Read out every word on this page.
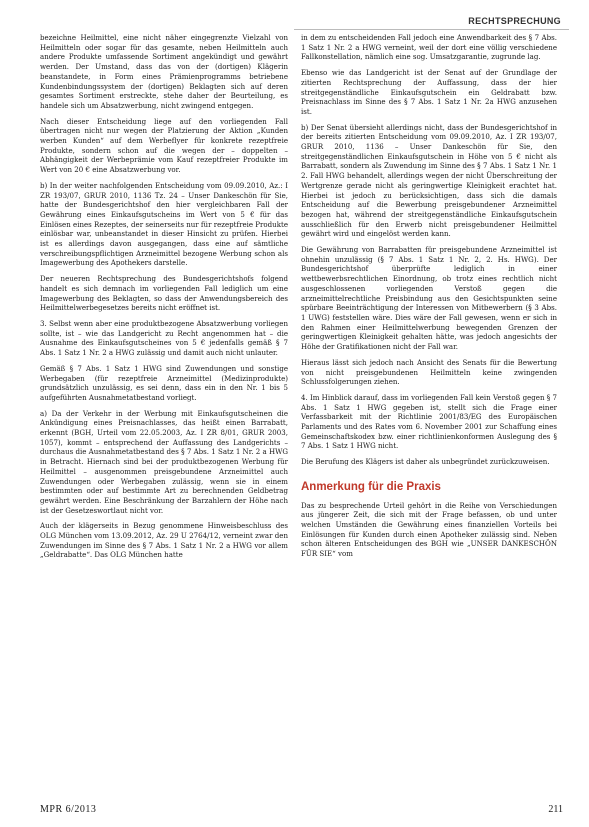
RECHTSPRECHUNG

bezeichne Heilmittel, eine nicht näher eingegrenzte Vielzahl von Heilmitteln oder sogar für das gesamte, neben Heilmitteln auch andere Produkte umfassende Sortiment angekündigt und gewährt werden. Der Umstand, dass das von der (dortigen) Klägerin beanstandete, in Form eines Prämienprogramms betriebene Kundenbindungssystem der (dortigen) Beklagten sich auf deren gesamtes Sortiment erstreckte, stehe daher der Beurteilung, es handele sich um Absatzwerbung, nicht zwingend entgegen.

Nach dieser Entscheidung liege auf den vorliegenden Fall übertragen nicht nur wegen der Platzierung der Aktion „Kunden werben Kunden“ auf dem Werbeflyer für konkrete rezeptfreie Produkte, sondern schon auf die wegen der – doppelten – Abhängigkeit der Werbeprämie vom Kauf rezeptfreier Produkte im Wert von 20 € eine Absatzwerbung vor.

b) In der weiter nachfolgenden Entscheidung vom 09.09.2010, Az.: I ZR 193/07, GRUR 2010, 1136 Tz. 24 – Unser Dankeschön für Sie, hatte der Bundesgerichtshof den hier vergleichbaren Fall der Gewährung eines Einkaufsgutscheins im Wert von 5 € für das Einlösen eines Rezeptes, der seinerseits nur für rezeptfreie Produkte einlösbar war, unbeanstandet in dieser Hinsicht zu prüfen. Hierbei ist es allerdings davon ausgegangen, dass eine auf sämtliche verschreibungspflichtigen Arzneimittel bezogene Werbung schon als Imagewerbung des Apothekers darstelle.

Der neueren Rechtsprechung des Bundesgerichtshofs folgend handelt es sich demnach im vorliegenden Fall lediglich um eine Imagewerbung des Beklagten, so dass der Anwendungsbereich des Heilmittelwerbegesetzes bereits nicht eröffnet ist.

3. Selbst wenn aber eine produktbezogene Absatzwerbung vorliegen sollte, ist – wie das Landgericht zu Recht angenommen hat – die Ausnahme des Einkaufsgutscheines von 5 € jedenfalls gemäß § 7 Abs. 1 Satz 1 Nr. 2 a HWG zulässig und damit auch nicht unlauter.

Gemäß § 7 Abs. 1 Satz 1 HWG sind Zuwendungen und sonstige Werbegaben (für rezeptfreie Arzneimittel (Medizinprodukte) grundsätzlich unzulässig, es sei denn, dass ein in den Nr. 1 bis 5 aufgeführten Ausnahmetatbestand vorliegt.

a) Da der Verkehr in der Werbung mit Einkaufsgutscheinen die Ankündigung eines Preisnachlasses, das heißt einen Barrabatt, erkennt (BGH, Urteil vom 22.05.2003, Az. I ZR 8/01, GRUR 2003, 1057), kommt – entsprechend der Auffassung des Landgerichts – durchaus die Ausnahmetatbestand des § 7 Abs. 1 Satz 1 Nr. 2 a HWG in Betracht. Hiernach sind bei der produktbezogenen Werbung für Heilmittel – ausgenommen preisgebundene Arzneimittel auch Zuwendungen oder Werbegaben zulässig, wenn sie in einem bestimmten oder auf bestimmte Art zu berechnenden Geldbetrag gewährt werden. Eine Beschränkung der Barzahlern der Höhe nach ist der Gesetzeswortlaut nicht vor.

Auch der klägerseits in Bezug genommene Hinweisbeschluss des OLG München vom 13.09.2012, Az. 29 U 2764/12, verneint zwar den Zuwendungen im Sinne des § 7 Abs. 1 Satz 1 Nr. 2 a HWG vor allem „Geldrabatte“. Das OLG München hatte

in dem zu entscheidenden Fall jedoch eine Anwendbarkeit des § 7 Abs. 1 Satz 1 Nr. 2 a HWG verneint, weil der dort eine völlig verschiedene Fallkonstellation, nämlich eine sog. Umsatzgarantie, zugrunde lag.

Ebenso wie das Landgericht ist der Senat auf der Grundlage der zitierten Rechtsprechung der Auffassung, dass der hier streitgegenständliche Einkaufsgutschein ein Geldrabatt bzw. Preisnachlass im Sinne des § 7 Abs. 1 Satz 1 Nr. 2a HWG anzusehen ist.

b) Der Senat übersieht allerdings nicht, dass der Bundesgerichtshof in der bereits zitierten Entscheidung vom 09.09.2010, Az. I ZR 193/07, GRUR 2010, 1136 – Unser Dankeschön für Sie, den streitgegenständlichen Einkaufsgutschein in Höhe von 5 € nicht als Barrabatt, sondern als Zuwendung im Sinne des § 7 Abs. 1 Satz 1 Nr. 1 2. Fall HWG behandelt, allerdings wegen der nicht Überschreitung der Wertgrenze gerade nicht als geringwertige Kleinigkeit erachtet hat. Hierbei ist jedoch zu berücksichtigen, dass sich die damals Entscheidung auf die Bewerbung preisgebundener Arzneimittel bezogen hat, während der streitgegenständliche Einkaufsgutschein ausschließlich für den Erwerb nicht preisgebundener Heilmittel gewährt wird und eingelöst werden kann.

Die Gewährung von Barrabatten für preisgebundene Arzneimittel ist ohnehin unzulässig (§ 7 Abs. 1 Satz 1 Nr. 2, 2. Hs. HWG). Der Bundesgerichtshof überprüfte lediglich in einer wettbewerbsrechtlichen Einordnung, ob trotz eines rechtlich nicht ausgeschlossenen vorliegenden Verstoß gegen die arzneimittelrechtliche Preisbindung aus den Gesichtspunkten seine spürbare Beeinträchtigung der Interessen von Mitbewerbern (§ 3 Abs. 1 UWG) feststellen wäre. Dies wäre der Fall gewesen, wenn er sich in den Rahmen einer Heilmittelwerbung bewegenden Grenzen der geringwertigen Kleinigkeit gehalten hätte, was jedoch angesichts der Höhe der Gratifikationen nicht der Fall war.

Hieraus lässt sich jedoch nach Ansicht des Senats für die Bewertung von nicht preisgebundenen Heilmitteln keine zwingenden Schlussfolgerungen ziehen.

4. Im Hinblick darauf, dass im vorliegenden Fall kein Verstoß gegen § 7 Abs. 1 Satz 1 HWG gegeben ist, stellt sich die Frage einer Verfassbarkeit mit der Richtlinie 2001/83/EG des Europäischen Parlaments und des Rates vom 6. November 2001 zur Schaffung eines Gemeinschaftskodex bzw. einer richtlinienkonformen Auslegung des § 7 Abs. 1 Satz 1 HWG nicht.

Die Berufung des Klägers ist daher als unbegründet zurückzuweisen.

Anmerkung für die Praxis

Das zu besprechende Urteil gehört in die Reihe von Verschiedungen aus jüngerer Zeit, die sich mit der Frage befassen, ob und unter welchen Umständen die Gewährung eines finanziellen Vorteils bei Einlösungen für Kunden durch einen Apotheker zulässig sind. Neben schon älteren Entscheidungen des BGH wie „UNSER DANKESCHÖN FÜR SIE“ vom

MPR 6/2013	211
